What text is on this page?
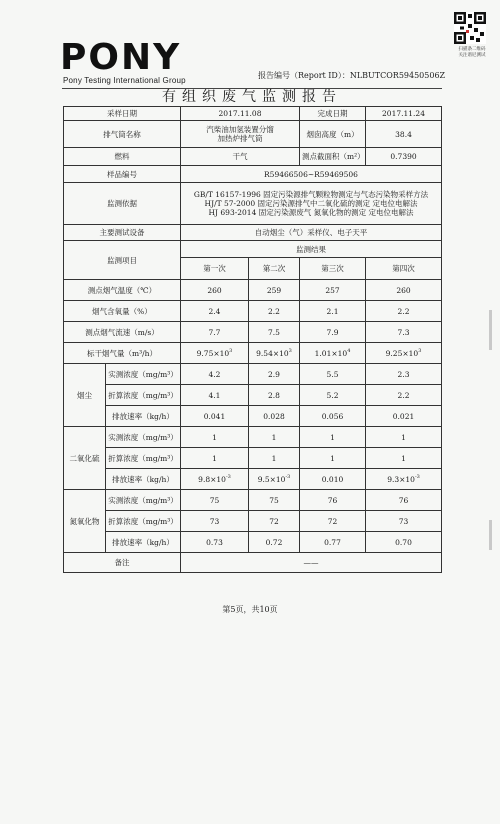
PONY
Pony Testing International Group
扫描条二维码
关注谱尼测试
报告编号（Report ID）：NLBUTCOR59450506Z
有组织废气监测报告
采样日期		2017.11.08		完成日期	2017.11.24
排气筒名称		汽柴油加氢装置分馏
加热炉排气筒		烟囱高度（m）	38.4
燃料		干气		测点截面积（m²）	0.7390
样品编号		R59466506~R59469506			
监测依据		GB/T 16157-1996 固定污染源排气颗粒物测定与气态污染物采样方法
HJ/T 57-2000 固定污染源排气中二氧化硫的测定 定电位电解法
HJ 693-2014 固定污染源废气 氮氧化物的测定 定电位电解法			

主要测试设备		自动烟尘（气）采样仪、电子天平			
监测项目		监测结果			
		第一次	第二次	第三次	第四次
测点烟气温度（℃）		260	259	257	260
烟气含氧量（%）		2.4	2.2	2.1	2.2
测点烟气流速（m/s）		7.7	7.5	7.9	7.3
标干烟气量（m³/h）		$9.75\times 10^3$	$9.54\times 10^3$	$1.01\times 10^4$	$9.25\times 10^3$
烟尘	实测浓度（mg/m³）	4.2	2.9	5.5	2.3
	折算浓度（mg/m³）	4.1	2.8	5.2	2.2
	排放速率（kg/h）	0.041	0.028	0.056	0.021
二氧化硫	实测浓度（mg/m³）	1	1	1	1
	折算浓度（mg/m³）	1	1	1	1
	排放速率（kg/h）	$9.8\times 10^{-3}$	$9.5\times 10^{-3}$	0.010	$9.3\times 10^{-3}$
氮氧化物	实测浓度（mg/m³）	75	75	76	76
	折算浓度（mg/m³）	73	72	72	73
	排放速率（kg/h）	0.73	0.72	0.77	0.70
备注		——			
第5页，共10页
